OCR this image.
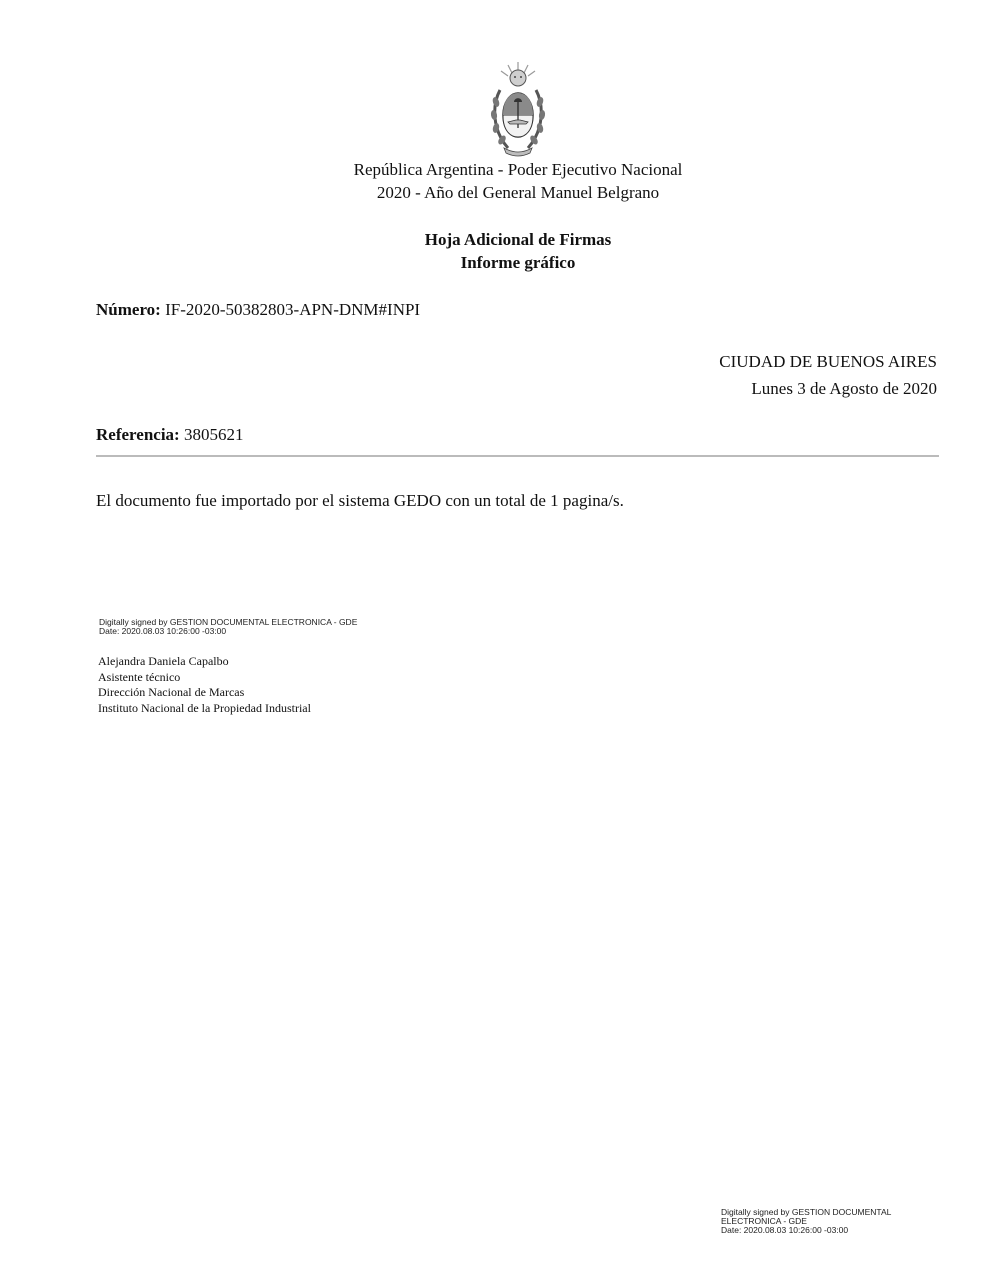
República Argentina - Poder Ejecutivo Nacional
2020 - Año del General Manuel Belgrano
Hoja Adicional de Firmas
Informe gráfico
Número: IF-2020-50382803-APN-DNM#INPI
CIUDAD DE BUENOS AIRES
Lunes 3 de Agosto de 2020
Referencia: 3805621
El documento fue importado por el sistema GEDO con un total de 1 pagina/s.
Digitally signed by GESTION DOCUMENTAL ELECTRONICA - GDE
Date: 2020.08.03 10:26:00 -03:00
Alejandra Daniela Capalbo
Asistente técnico
Dirección Nacional de Marcas
Instituto Nacional de la Propiedad Industrial
Digitally signed by GESTION DOCUMENTAL
ELECTRONICA - GDE
Date: 2020.08.03 10:26:00 -03:00
